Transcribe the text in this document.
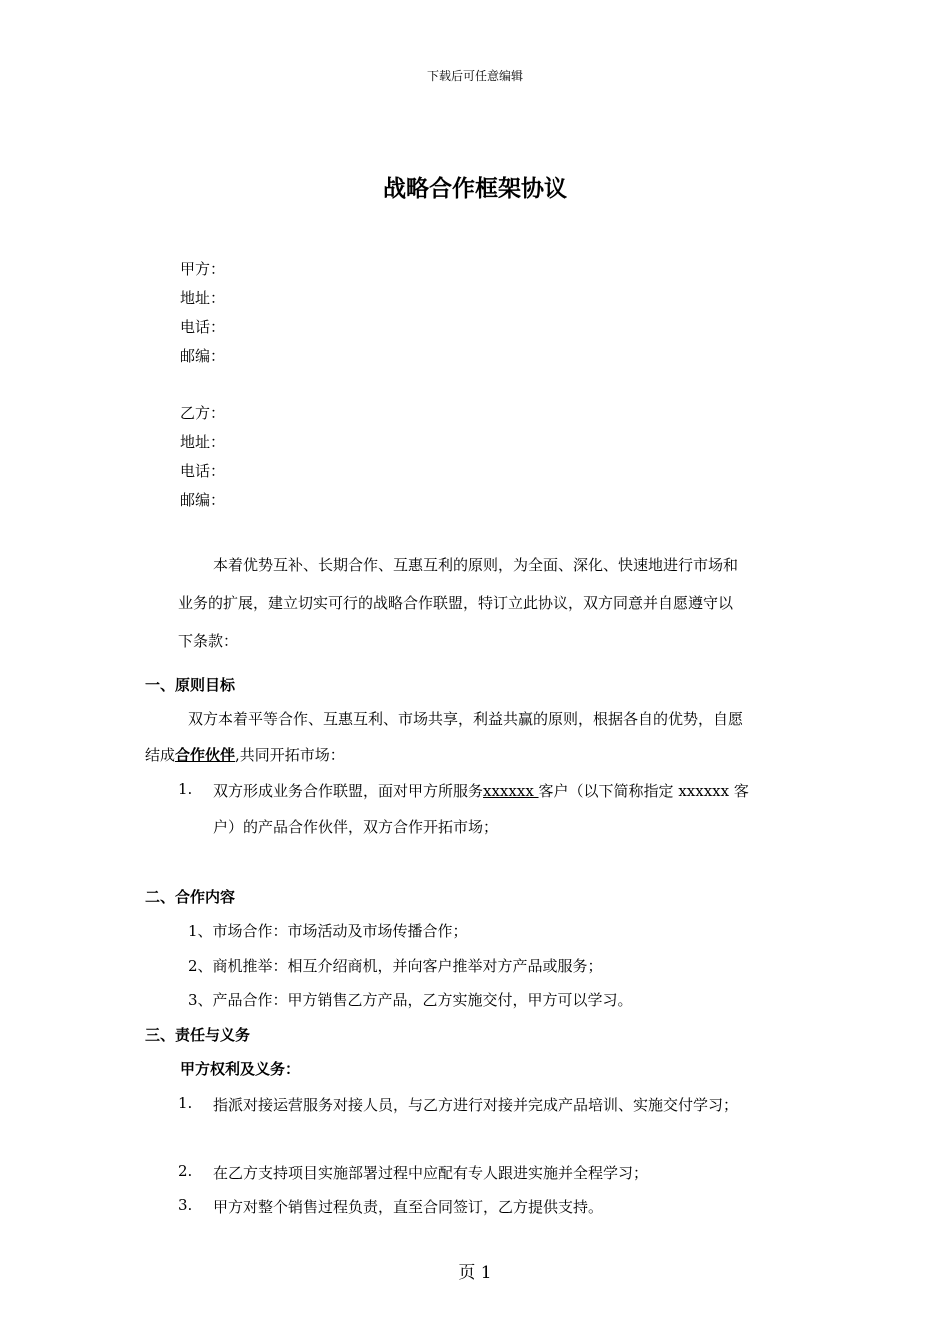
下载后可任意编辑
战略合作框架协议
甲方：
地址：
电话：
邮编：
乙方：
地址：
电话：
邮编：
本着优势互补、长期合作、互惠互利的原则，为全面、深化、快速地进行市场和
业务的扩展，建立切实可行的战略合作联盟，特订立此协议，双方同意并自愿遵守以
下条款：
一、原则目标
双方本着平等合作、互惠互利、市场共享，利益共赢的原则，根据各自的优势，自愿
结成合作伙伴,共同开拓市场：
1. 双方形成业务合作联盟，面对甲方所服务xxxxxx 客户（以下简称指定 xxxxxx 客
户）的产品合作伙伴，双方合作开拓市场；
二、合作内容
1、市场合作：市场活动及市场传播合作；
2、商机推举：相互介绍商机，并向客户推举对方产品或服务；
3、产品合作：甲方销售乙方产品，乙方实施交付，甲方可以学习。
三、责任与义务
甲方权利及义务：
1. 指派对接运营服务对接人员，与乙方进行对接并完成产品培训、实施交付学习；
2. 在乙方支持项目实施部署过程中应配有专人跟进实施并全程学习；
3. 甲方对整个销售过程负责，直至合同签订，乙方提供支持。
页 1
